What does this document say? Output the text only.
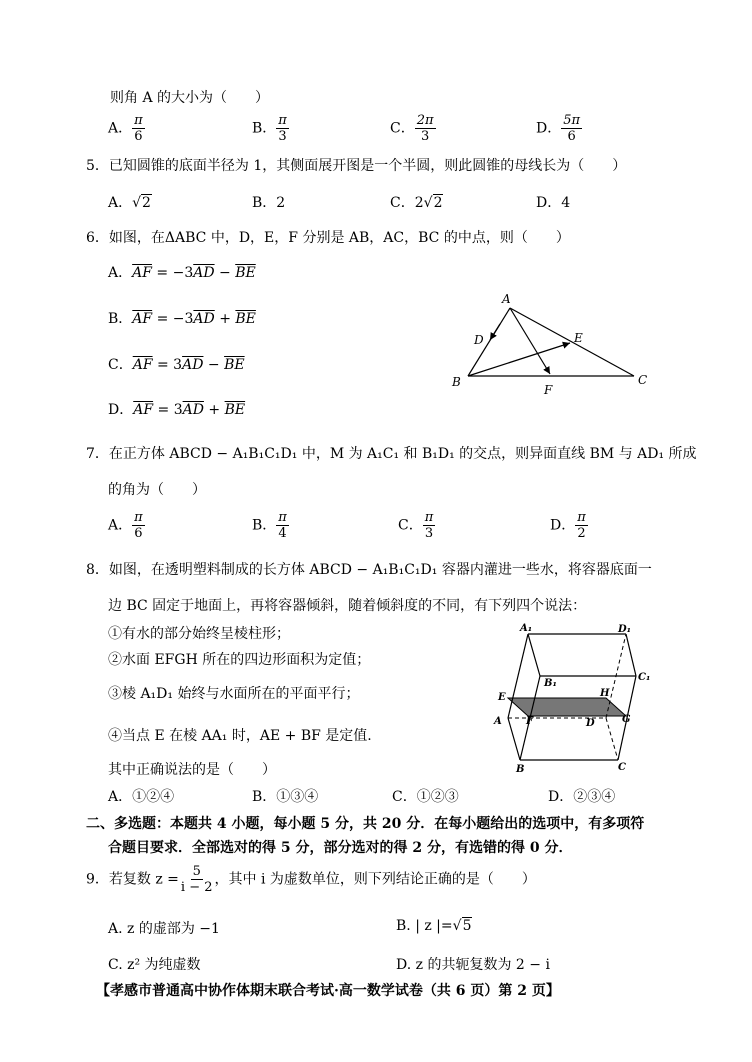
则角 A 的大小为（　　）
A． $\frac{\pi}{6}$	B． $\frac{\pi}{3}$	C． $\frac{2\pi}{3}$	D． $\frac{5\pi}{6}$
5．已知圆锥的底面半径为 1，其侧面展开图是一个半圆，则此圆锥的母线长为（　　）
A．√2	B．2	C．2√2	D．4
6．如图，在ΔABC 中，D，E，F 分别是 AB，AC，BC 的中点，则（　　）
A．$\overline{AF} = -3\overline{AD} - \overline{BE}$
B．$\overline{AF} = -3\overline{AD} + \overline{BE}$
C．$\overline{AF} = 3\overline{AD} - \overline{BE}$
D．$\overline{AF} = 3\overline{AD} + \overline{BE}$
A
D	E
B	C
F
7．在正方体 ABCD − A₁B₁C₁D₁ 中，M 为 A₁C₁ 和 B₁D₁ 的交点，则异面直线 BM 与 AD₁ 所成
的角为（　　）
A． $\frac{\pi}{6}$	B． $\frac{\pi}{4}$	C． $\frac{\pi}{3}$	D． $\frac{\pi}{2}$
8．如图，在透明塑料制成的长方体 ABCD − A₁B₁C₁D₁ 容器内灌进一些水，将容器底面一
边 BC 固定于地面上，再将容器倾斜，随着倾斜度的不同，有下列四个说法：
①有水的部分始终呈棱柱形；
②水面 EFGH 所在的四边形面积为定值；
③棱 A₁D₁ 始终与水面所在的平面平行；
④当点 E 在棱 AA₁ 时，AE + BF 是定值.
其中正确说法的是（　　）
A．①②④	B．①③④	C．①②③	D．②③④
A₁	D₁
B₁
C₁
E	H
A F	D	G
B	C
二、多选题：本题共 4 小题，每小题 5 分，共 20 分．在每小题给出的选项中，有多项符
合题目要求．全部选对的得 5 分，部分选对的得 2 分，有选错的得 0 分．
9．若复数 $z = \frac{5}{i - 2}$ ，其中 i 为虚数单位，则下列结论正确的是（　　）
A. z 的虚部为 −1	B. | z |=√5
C. z² 为纯虚数	D. z 的共轭复数为 2 − i
【孝感市普通高中协作体期末联合考试·高一数学试卷（共 6 页）第 2 页】
